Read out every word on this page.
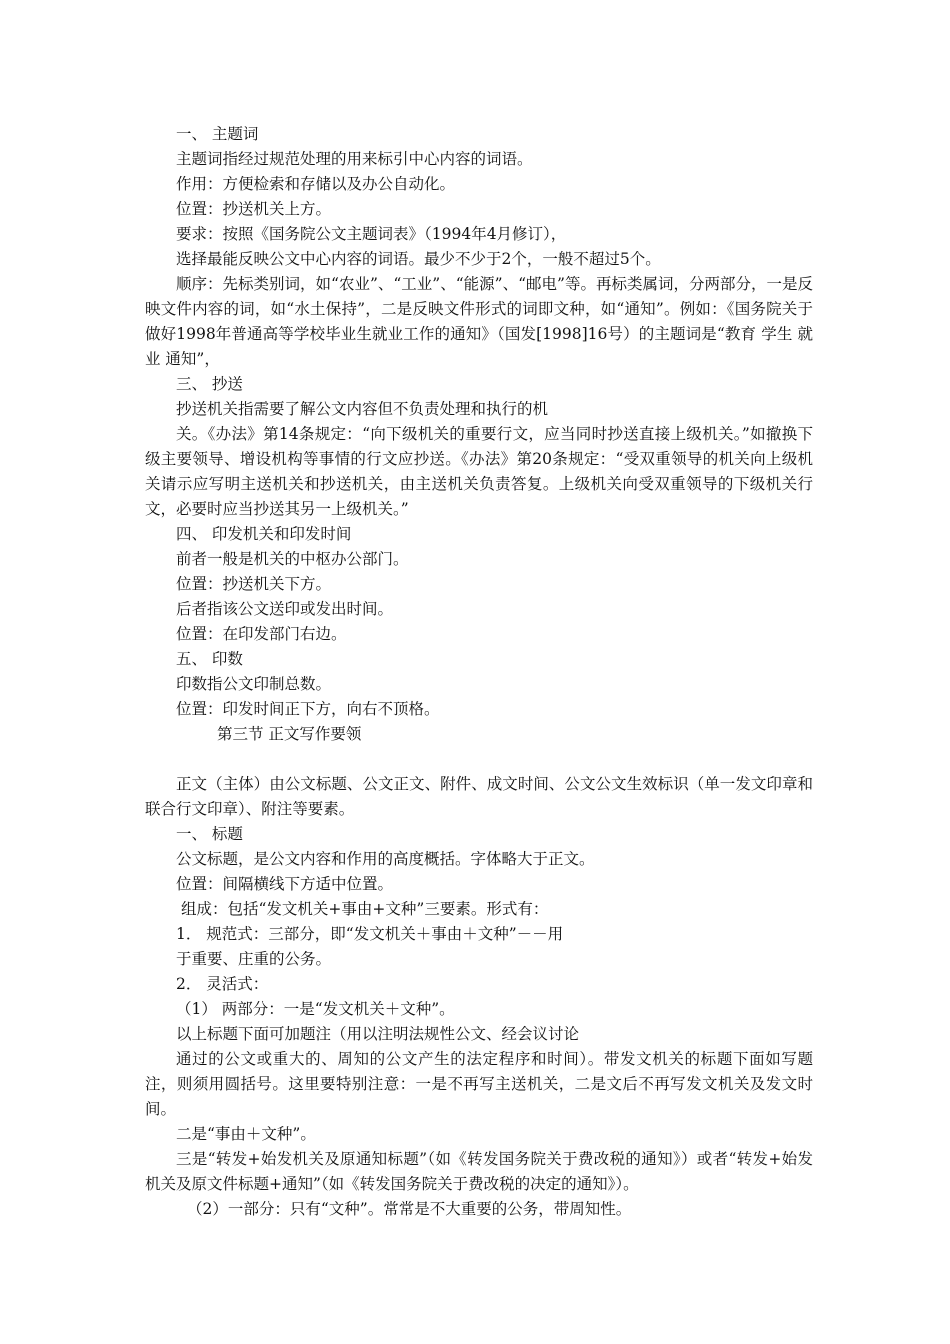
一、 主题词
主题词指经过规范处理的用来标引中心内容的词语。
作用：方便检索和存储以及办公自动化。
位置：抄送机关上方。
要求：按照《国务院公文主题词表》（1994年4月修订），
选择最能反映公文中心内容的词语。最少不少于2个，一般不超过5个。
顺序：先标类别词，如“农业”、“工业”、“能源”、“邮电”等。再标类属词，分两部分，一是反映文件内容的词，如“水土保持”，二是反映文件形式的词即文种，如“通知”。例如：《国务院关于做好1998年普通高等学校毕业生就业工作的通知》（国发[1998]16号）的主题词是“教育 学生 就业 通知”，
三、 抄送
抄送机关指需要了解公文内容但不负责处理和执行的机
关。《办法》第14条规定：“向下级机关的重要行文，应当同时抄送直接上级机关。”如撤换下级主要领导、增设机构等事情的行文应抄送。《办法》第20条规定：“受双重领导的机关向上级机关请示应写明主送机关和抄送机关，由主送机关负责答复。上级机关向受双重领导的下级机关行文，必要时应当抄送其另一上级机关。”
四、 印发机关和印发时间
前者一般是机关的中枢办公部门。
位置：抄送机关下方。
后者指该公文送印或发出时间。
位置：在印发部门右边。
五、 印数
印数指公文印制总数。
位置：印发时间正下方，向右不顶格。
第三节 正文写作要领
正文（主体）由公文标题、公文正文、附件、成文时间、公文公文生效标识（单一发文印章和联合行文印章）、附注等要素。
一、 标题
公文标题，是公文内容和作用的高度概括。字体略大于正文。
位置：间隔横线下方适中位置。
组成：包括“发文机关+事由+文种”三要素。形式有：
1． 规范式：三部分，即“发文机关＋事由＋文种”－－用
于重要、庄重的公务。
2． 灵活式：
（1） 两部分：一是“发文机关＋文种”。
以上标题下面可加题注（用以注明法规性公文、经会议讨论
通过的公文或重大的、周知的公文产生的法定程序和时间）。带发文机关的标题下面如写题注，则须用圆括号。这里要特别注意：一是不再写主送机关，二是文后不再写发文机关及发文时间。
二是“事由＋文种”。
三是“转发+始发机关及原通知标题”（如《转发国务院关于费改税的通知》）或者“转发+始发机关及原文件标题+通知”（如《转发国务院关于费改税的决定的通知》）。
（2）一部分：只有“文种”。常常是不大重要的公务，带周知性。
